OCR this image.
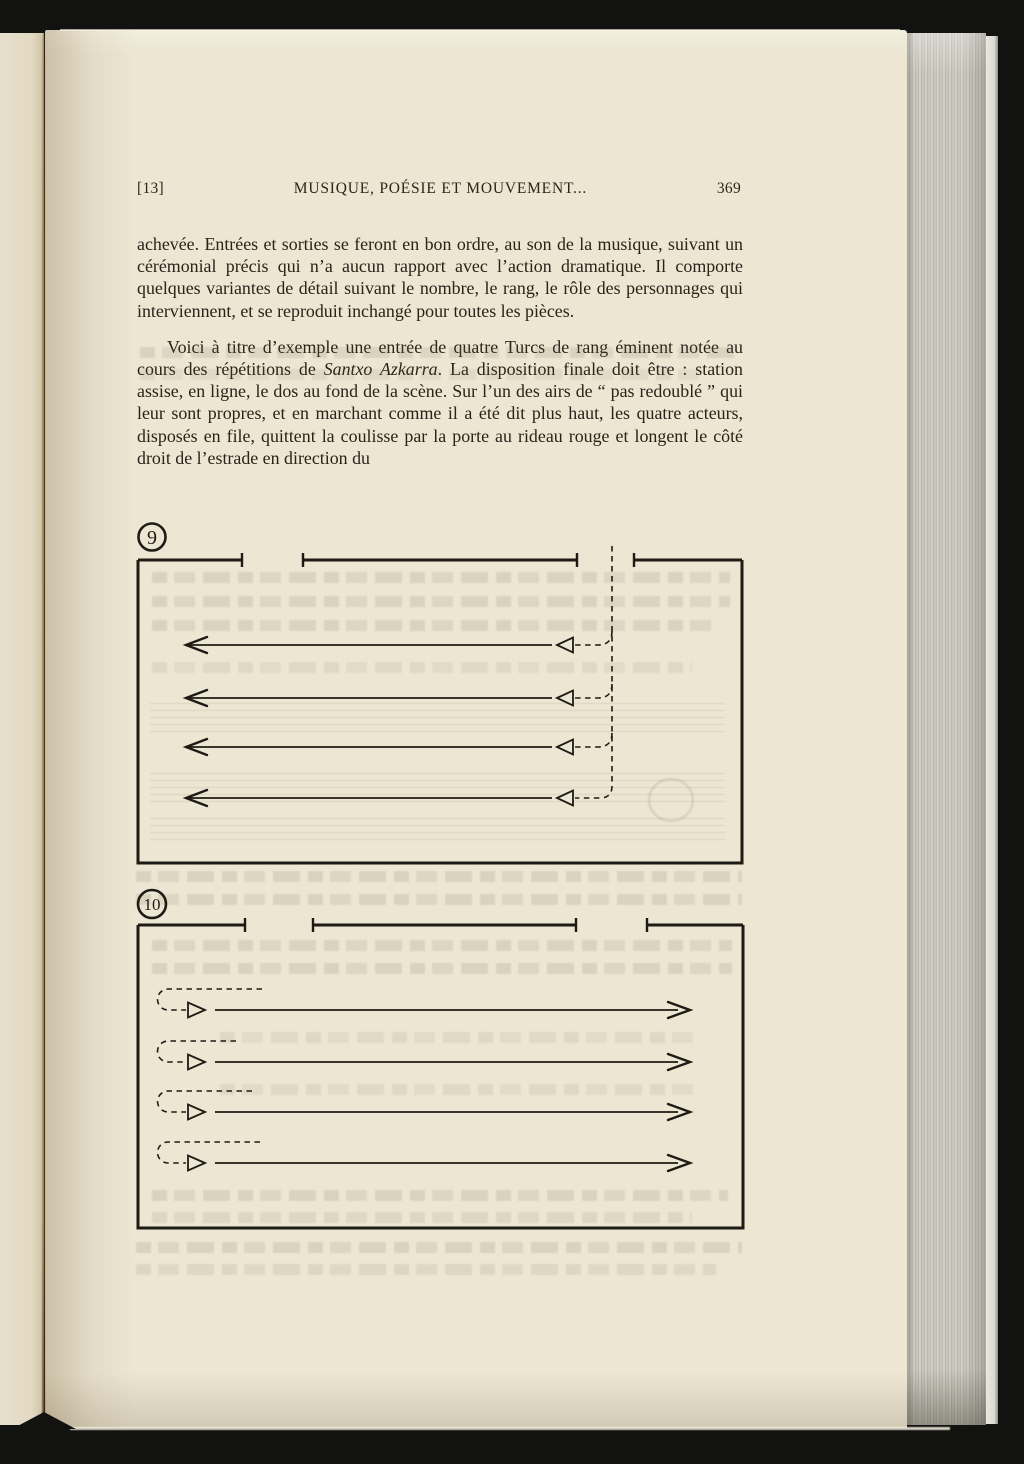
[13]	MUSIQUE, POÉSIE ET MOUVEMENT...	369

achevée. Entrées et sorties se feront en bon ordre, au son de la musique, suivant un cérémonial précis qui n’a aucun rapport avec l’action dramatique. Il comporte quelques variantes de détail suivant le nombre, le rang, le rôle des personnages qui interviennent, et se reproduit inchangé pour toutes les pièces.

Voici à titre d’exemple une entrée de quatre Turcs de rang éminent notée au cours des répétitions de Santxo Azkarra. La disposition finale doit être : station assise, en ligne, le dos au fond de la scène. Sur l’un des airs de “ pas redoublé ” qui leur sont propres, et en marchant comme il a été dit plus haut, les quatre acteurs, disposés en file, quittent la coulisse par la porte au rideau rouge et longent le côté droit de l’estrade en direction du

9
10
